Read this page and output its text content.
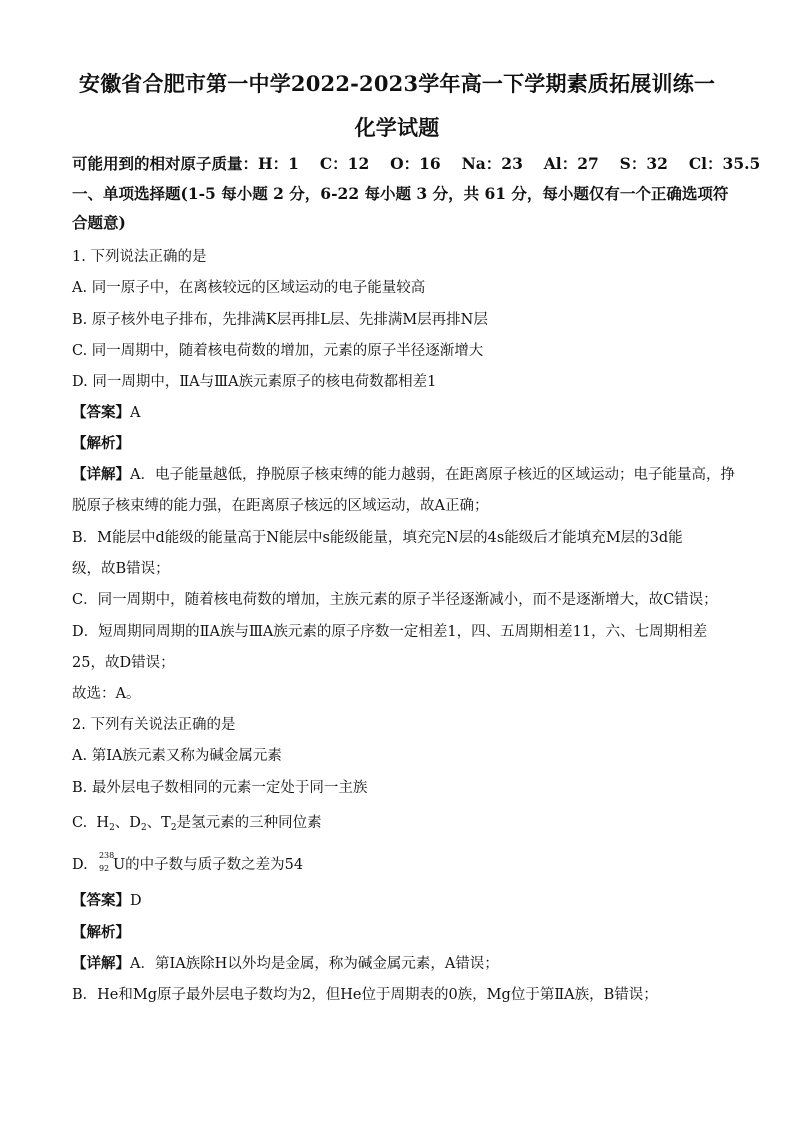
安徽省合肥市第一中学2022-2023学年高一下学期素质拓展训练一
化学试题
可能用到的相对原子质量：H：1　 C：12　 O：16　 Na：23　 Al：27　 S：32　 Cl：35.5
一、单项选择题(1-5 每小题 2 分，6-22 每小题 3 分，共 61 分，每小题仅有一个正确选项符
合题意)
1. 下列说法正确的是
A. 同一原子中，在离核较远的区域运动的电子能量较高
B. 原子核外电子排布，先排满K层再排L层、先排满M层再排N层
C. 同一周期中，随着核电荷数的增加，元素的原子半径逐渐增大
D. 同一周期中，ⅡA与ⅢA族元素原子的核电荷数都相差1
【答案】A
【解析】
【详解】A．电子能量越低，挣脱原子核束缚的能力越弱，在距离原子核近的区域运动；电子能量高，挣
脱原子核束缚的能力强，在距离原子核远的区域运动，故A正确；
B．M能层中d能级的能量高于N能层中s能级能量，填充完N层的4s能级后才能填充M层的3d能
级，故B错误；
C．同一周期中，随着核电荷数的增加，主族元素的原子半径逐渐减小，而不是逐渐增大，故C错误；
D．短周期同周期的ⅡA族与ⅢA族元素的原子序数一定相差1，四、五周期相差11，六、七周期相差
25，故D错误；
故选：A。
2. 下列有关说法正确的是
A. 第IA族元素又称为碱金属元素
B. 最外层电子数相同的元素一定处于同一主族
C. $H_2$、$D_2$、$T_2$是氢元素的三种同位素
D.
238
92 U的中子数与质子数之差为54
【答案】D
【解析】
【详解】A．第IA族除H以外均是金属，称为碱金属元素，A错误；
B．He和Mg原子最外层电子数均为2，但He位于周期表的0族，Mg位于第ⅡA族，B错误；
